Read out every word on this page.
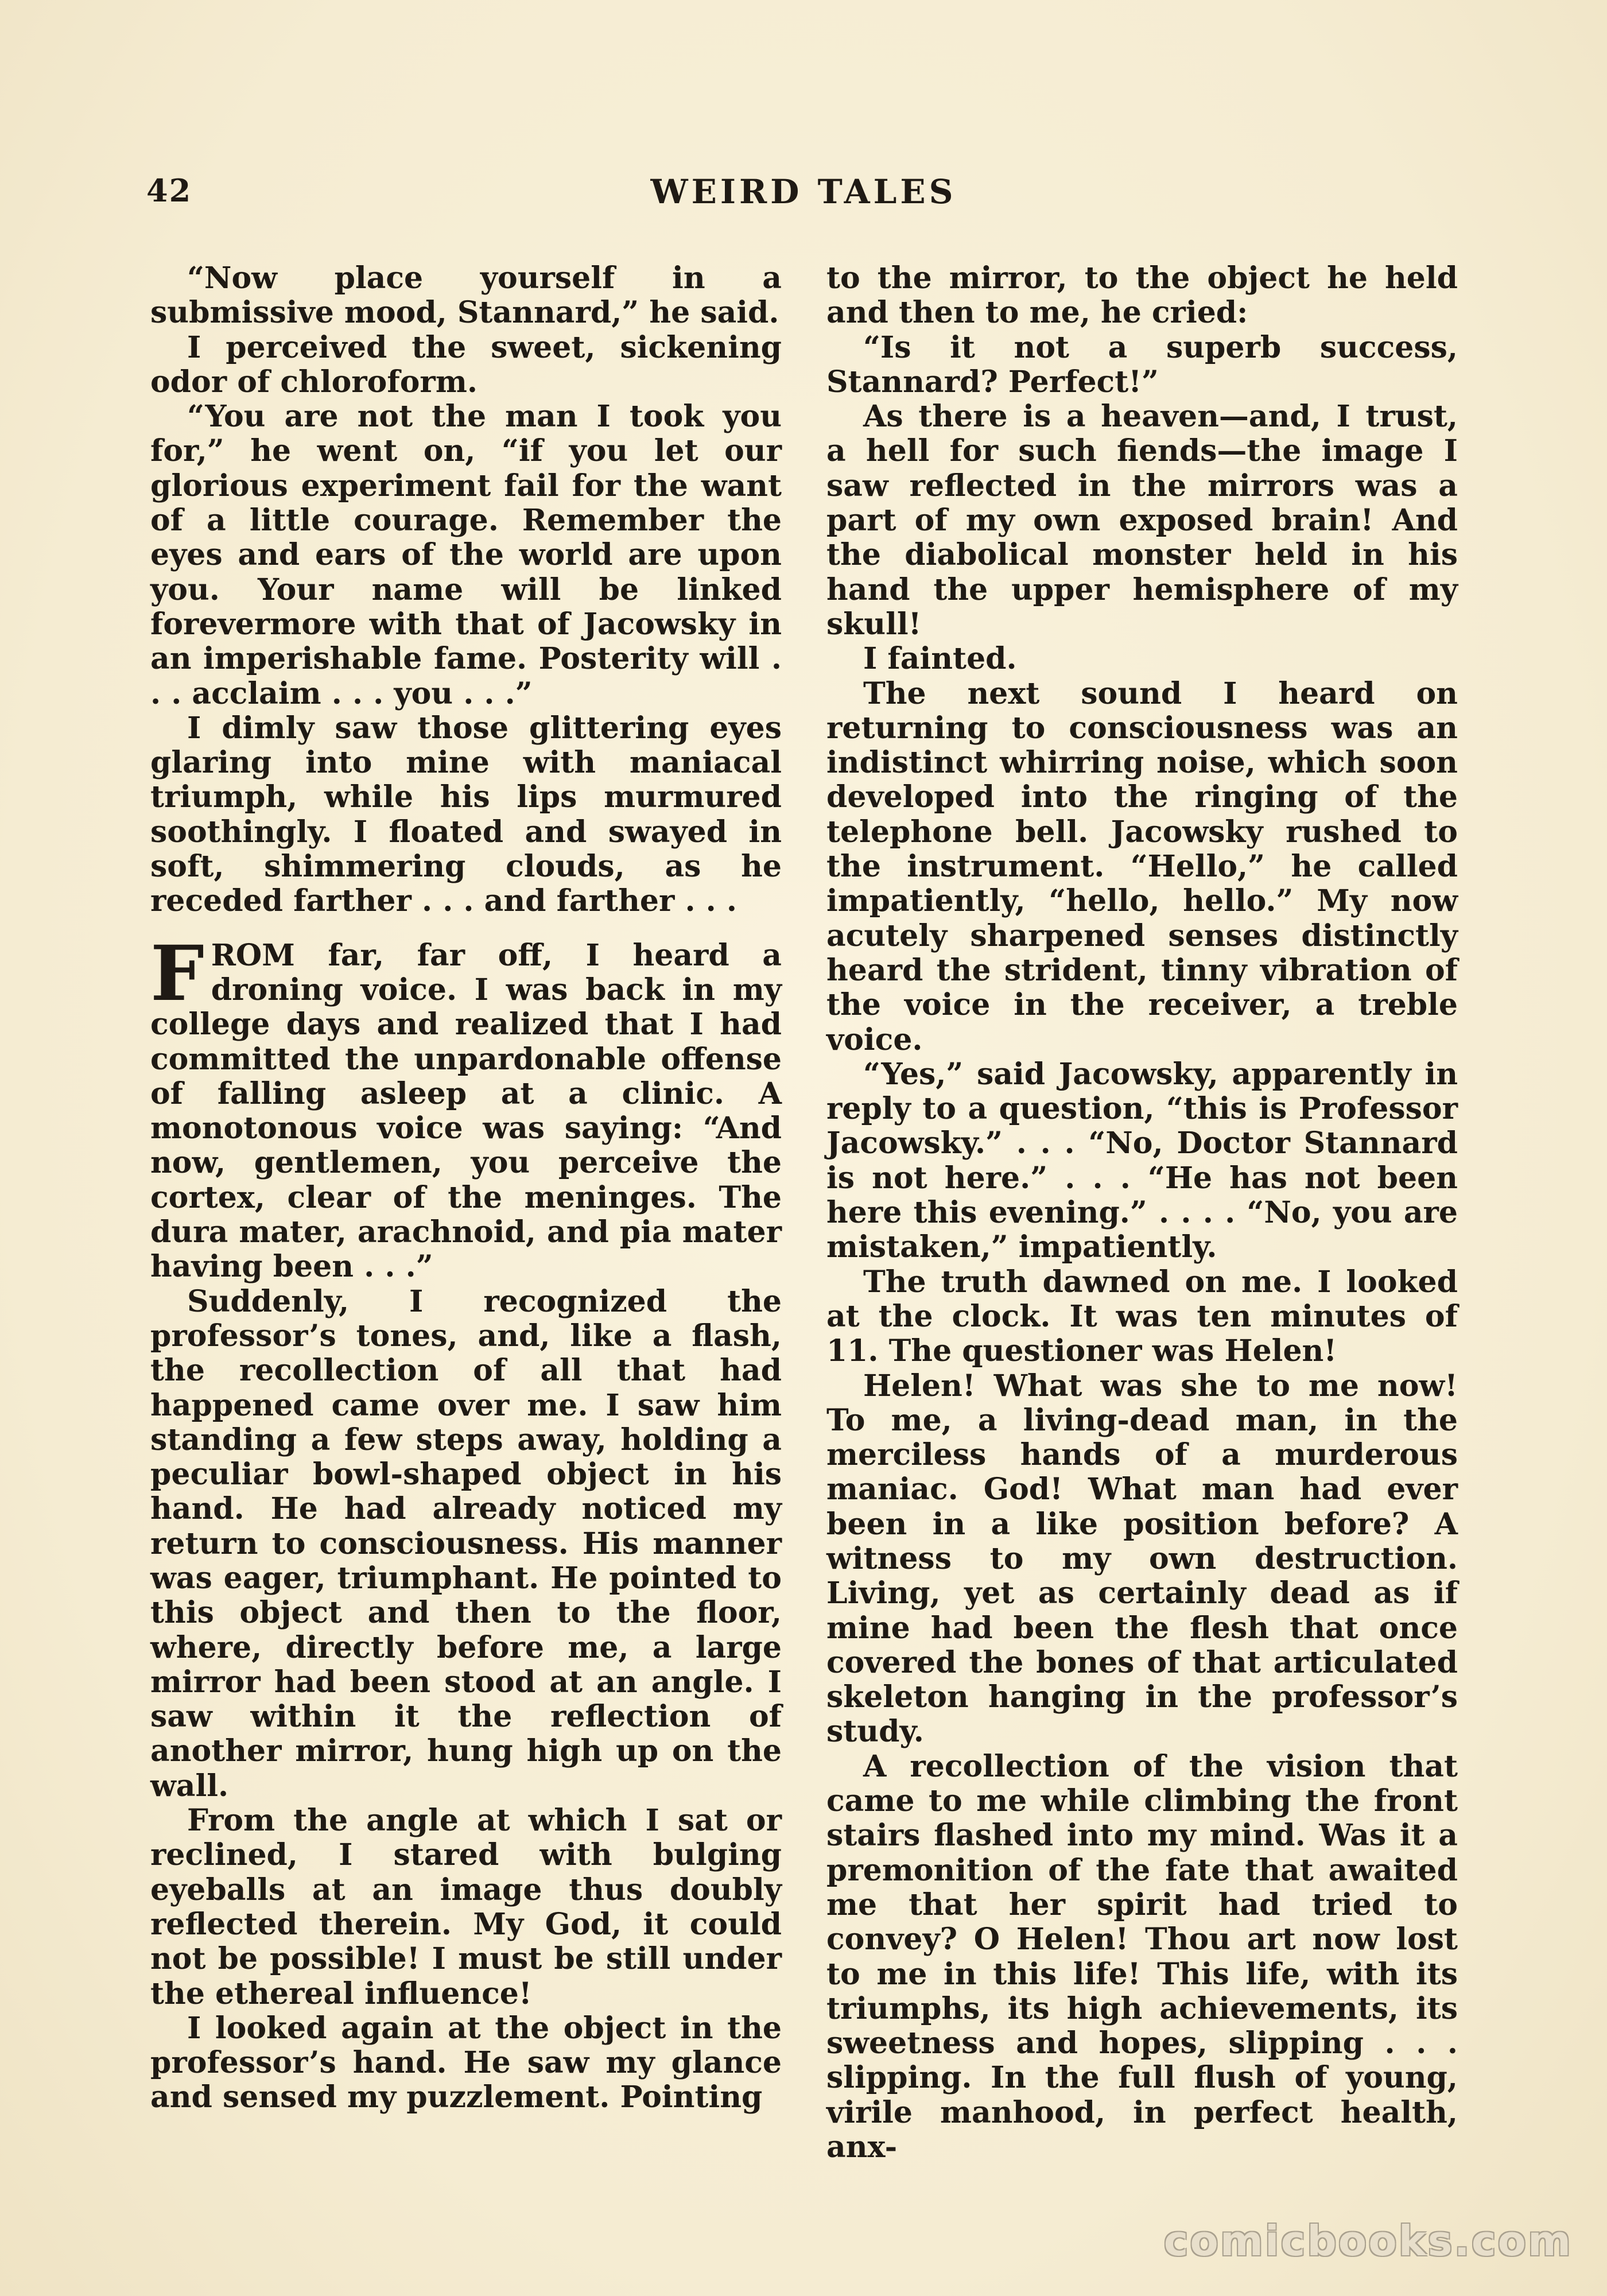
42	WEIRD TALES

“Now place yourself in a submissive mood, Stannard,” he said.

I perceived the sweet, sickening odor of chloroform.

“You are not the man I took you for,” he went on, “if you let our glorious experiment fail for the want of a little courage. Remember the eyes and ears of the world are upon you. Your name will be linked forevermore with that of Jacowsky in an imperishable fame. Posterity will . . . acclaim . . . you . . .”

I dimly saw those glittering eyes glaring into mine with maniacal triumph, while his lips murmured soothingly. I floated and swayed in soft, shimmering clouds, as he receded farther . . . and farther . . .

FROM far, far off, I heard a droning voice. I was back in my college days and realized that I had committed the unpardonable offense of falling asleep at a clinic. A monotonous voice was saying: “And now, gentlemen, you perceive the cortex, clear of the meninges. The dura mater, arachnoid, and pia mater having been . . .”

Suddenly, I recognized the professor’s tones, and, like a flash, the recollection of all that had happened came over me. I saw him standing a few steps away, holding a peculiar bowl-shaped object in his hand. He had already noticed my return to consciousness. His manner was eager, triumphant. He pointed to this object and then to the floor, where, directly before me, a large mirror had been stood at an angle. I saw within it the reflection of another mirror, hung high up on the wall.

From the angle at which I sat or reclined, I stared with bulging eyeballs at an image thus doubly reflected therein. My God, it could not be possible! I must be still under the ethereal influence!

I looked again at the object in the professor’s hand. He saw my glance and sensed my puzzlement. Pointing

to the mirror, to the object he held and then to me, he cried:

“Is it not a superb success, Stannard? Perfect!”

As there is a heaven—and, I trust, a hell for such fiends—the image I saw reflected in the mirrors was a part of my own exposed brain! And the diabolical monster held in his hand the upper hemisphere of my skull!

I fainted.

The next sound I heard on returning to consciousness was an indistinct whirring noise, which soon developed into the ringing of the telephone bell. Jacowsky rushed to the instrument. “Hello,” he called impatiently, “hello, hello.” My now acutely sharpened senses distinctly heard the strident, tinny vibration of the voice in the receiver, a treble voice.

“Yes,” said Jacowsky, apparently in reply to a question, “this is Professor Jacowsky.” . . . “No, Doctor Stannard is not here.” . . . “He has not been here this evening.” . . . . “No, you are mistaken,” impatiently.

The truth dawned on me. I looked at the clock. It was ten minutes of 11. The questioner was Helen!

Helen! What was she to me now! To me, a living-dead man, in the merciless hands of a murderous maniac. God! What man had ever been in a like position before? A witness to my own destruction. Living, yet as certainly dead as if mine had been the flesh that once covered the bones of that articulated skeleton hanging in the professor’s study.

A recollection of the vision that came to me while climbing the front stairs flashed into my mind. Was it a premonition of the fate that awaited me that her spirit had tried to convey? O Helen! Thou art now lost to me in this life! This life, with its triumphs, its high achievements, its sweetness and hopes, slipping . . . slipping. In the full flush of young, virile manhood, in perfect health, anx-

comicbooks.com
